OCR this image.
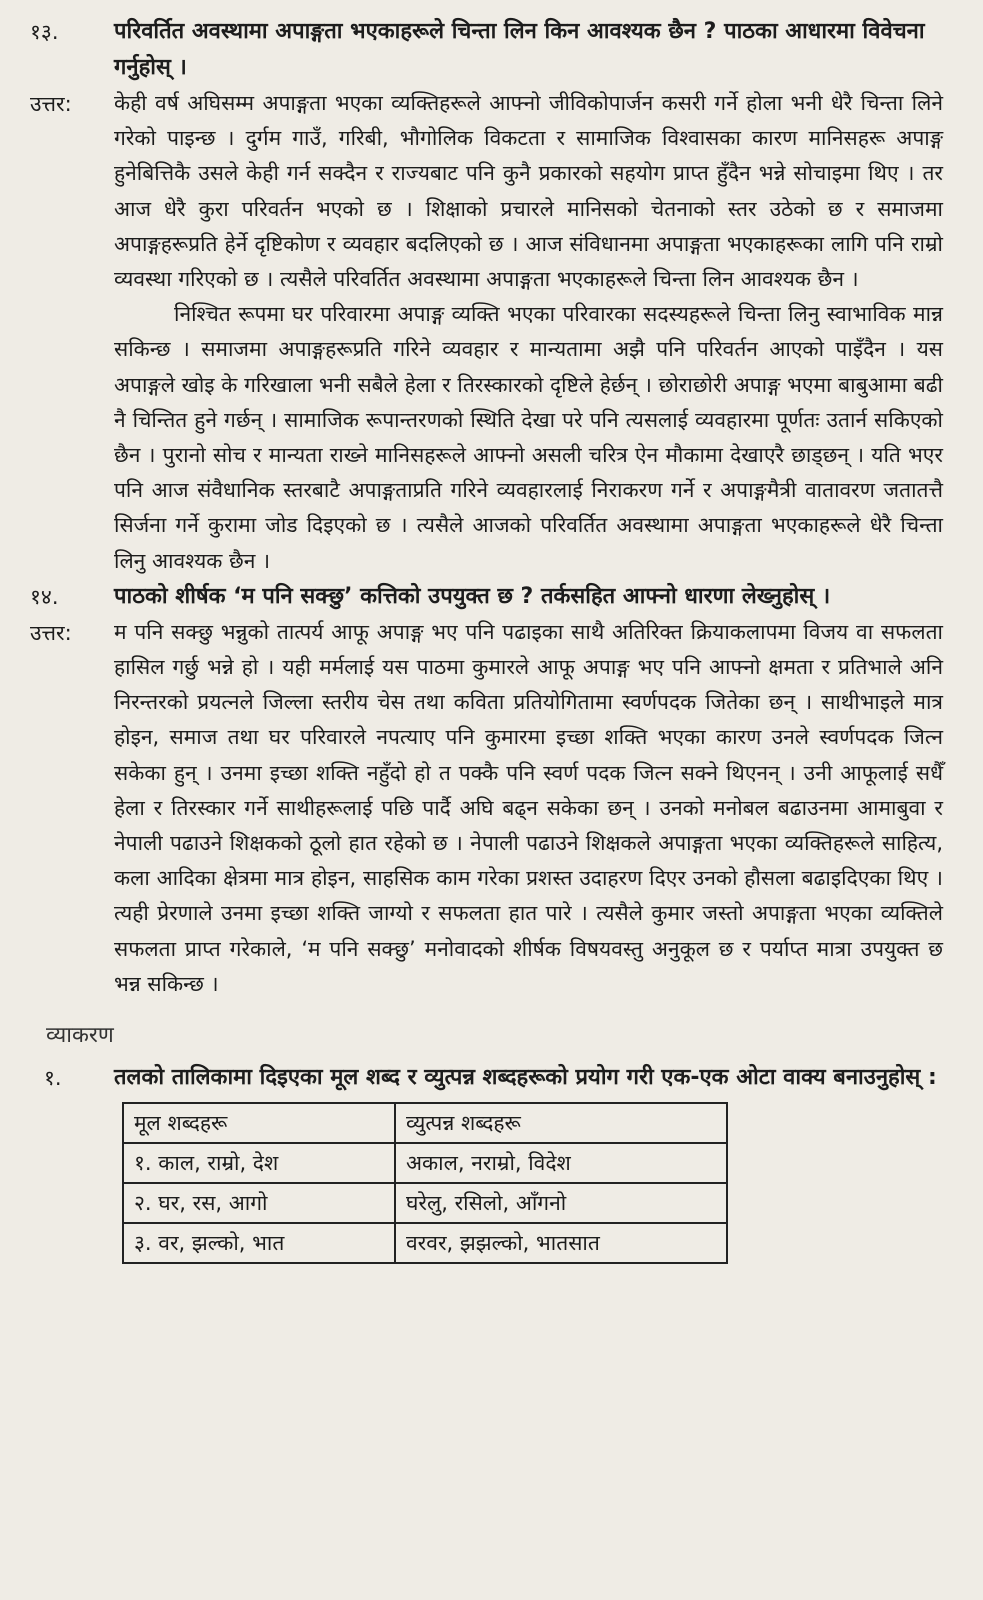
१३.	परिवर्तित अवस्थामा अपाङ्गता भएकाहरूले चिन्ता लिन किन आवश्यक छैन ? पाठका आधारमा विवेचना गर्नुहोस् ।
उत्तर:	केही वर्ष अघिसम्म अपाङ्गता भएका व्यक्तिहरूले आफ्नो जीविकोपार्जन कसरी गर्ने होला भनी धेरै चिन्ता लिने गरेको पाइन्छ । दुर्गम गाउँ, गरिबी, भौगोलिक विकटता र सामाजिक विश्वासका कारण मानिसहरू अपाङ्ग हुनेबित्तिकै उसले केही गर्न सक्दैन र राज्यबाट पनि कुनै प्रकारको सहयोग प्राप्त हुँदैन भन्ने सोचाइमा थिए । तर आज धेरै कुरा परिवर्तन भएको छ । शिक्षाको प्रचारले मानिसको चेतनाको स्तर उठेको छ र समाजमा अपाङ्गहरूप्रति हेर्ने दृष्टिकोण र व्यवहार बदलिएको छ । आज संविधानमा अपाङ्गता भएकाहरूका लागि पनि राम्रो व्यवस्था गरिएको छ । त्यसैले परिवर्तित अवस्थामा अपाङ्गता भएकाहरूले चिन्ता लिन आवश्यक छैन ।

निश्चित रूपमा घर परिवारमा अपाङ्ग व्यक्ति भएका परिवारका सदस्यहरूले चिन्ता लिनु स्वाभाविक मान्न सकिन्छ । समाजमा अपाङ्गहरूप्रति गरिने व्यवहार र मान्यतामा अझै पनि परिवर्तन आएको पाइँदैन । यस अपाङ्गले खोइ के गरिखाला भनी सबैले हेला र तिरस्कारको दृष्टिले हेर्छन् । छोराछोरी अपाङ्ग भएमा बाबुआमा बढी नै चिन्तित हुने गर्छन् । सामाजिक रूपान्तरणको स्थिति देखा परे पनि त्यसलाई व्यवहारमा पूर्णतः उतार्न सकिएको छैन । पुरानो सोच र मान्यता राख्ने मानिसहरूले आफ्नो असली चरित्र ऐन मौकामा देखाएरै छाड्छन् । यति भएर पनि आज संवैधानिक स्तरबाटै अपाङ्गताप्रति गरिने व्यवहारलाई निराकरण गर्ने र अपाङ्गमैत्री वातावरण जतातत्तै सिर्जना गर्ने कुरामा जोड दिइएको छ । त्यसैले आजको परिवर्तित अवस्थामा अपाङ्गता भएकाहरूले धेरै चिन्ता लिनु आवश्यक छैन ।

१४.	पाठको शीर्षक ‘म पनि सक्छु’ कत्तिको उपयुक्त छ ? तर्कसहित आफ्नो धारणा लेख्नुहोस् ।
उत्तर:	म पनि सक्छु भन्नुको तात्पर्य आफू अपाङ्ग भए पनि पढाइका साथै अतिरिक्त क्रियाकलापमा विजय वा सफलता हासिल गर्छु भन्ने हो । यही मर्मलाई यस पाठमा कुमारले आफू अपाङ्ग भए पनि आफ्नो क्षमता र प्रतिभाले अनि निरन्तरको प्रयत्नले जिल्ला स्तरीय चेस तथा कविता प्रतियोगितामा स्वर्णपदक जितेका छन् । साथीभाइले मात्र होइन, समाज तथा घर परिवारले नपत्याए पनि कुमारमा इच्छा शक्ति भएका कारण उनले स्वर्णपदक जित्न सकेका हुन् । उनमा इच्छा शक्ति नहुँदो हो त पक्कै पनि स्वर्ण पदक जित्न सक्ने थिएनन् । उनी आफूलाई सधैँ हेला र तिरस्कार गर्ने साथीहरूलाई पछि पार्दै अघि बढ्न सकेका छन् । उनको मनोबल बढाउनमा आमाबुवा र नेपाली पढाउने शिक्षकको ठूलो हात रहेको छ । नेपाली पढाउने शिक्षकले अपाङ्गता भएका व्यक्तिहरूले साहित्य, कला आदिका क्षेत्रमा मात्र होइन, साहसिक काम गरेका प्रशस्त उदाहरण दिएर उनको हौसला बढाइदिएका थिए । त्यही प्रेरणाले उनमा इच्छा शक्ति जाग्यो र सफलता हात पारे । त्यसैले कुमार जस्तो अपाङ्गता भएका व्यक्तिले सफलता प्राप्त गरेकाले, ‘म पनि सक्छु’ मनोवादको शीर्षक विषयवस्तु अनुकूल छ र पर्याप्त मात्रा उपयुक्त छ भन्न सकिन्छ ।

व्याकरण
१.	तलको तालिकामा दिइएका मूल शब्द र व्युत्पन्न शब्दहरूको प्रयोग गरी एक-एक ओटा वाक्य बनाउनुहोस् :
मूल शब्दहरू	व्युत्पन्न शब्दहरू
१. काल, राम्रो, देश	अकाल, नराम्रो, विदेश
२. घर, रस, आगो	घरेलु, रसिलो, आँगनो
३. वर, झल्को, भात	वरवर, झझल्को, भातसात
